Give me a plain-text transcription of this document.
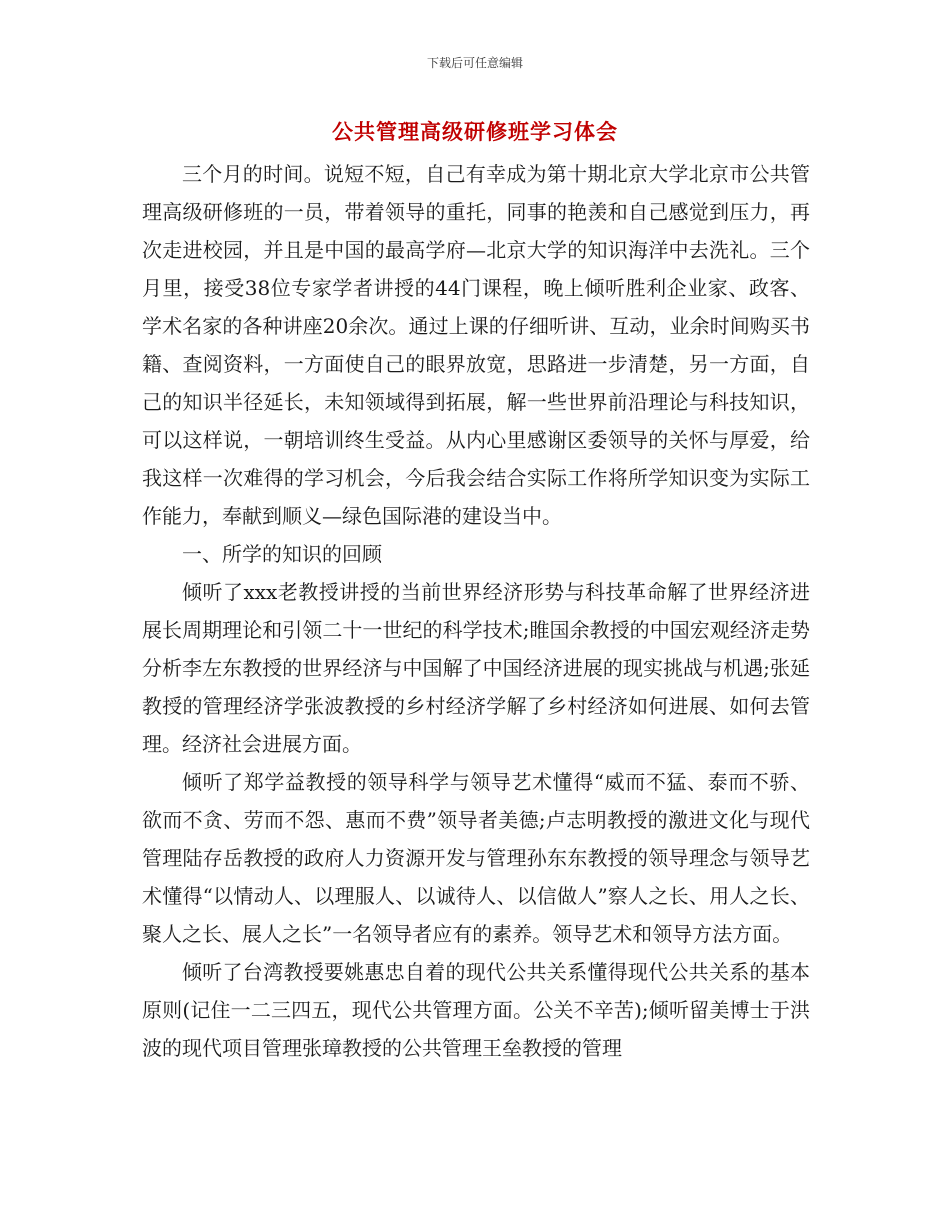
下载后可任意编辑
公共管理高级研修班学习体会

三个月的时间。说短不短，自己有幸成为第十期北京大学北京市公共管理高级研修班的一员，带着领导的重托，同事的艳羡和自己感觉到压力，再次走进校园，并且是中国的最高学府—北京大学的知识海洋中去洗礼。三个月里，接受38位专家学者讲授的44门课程，晚上倾听胜利企业家、政客、学术名家的各种讲座20余次。通过上课的仔细听讲、互动，业余时间购买书籍、查阅资料，一方面使自己的眼界放宽，思路进一步清楚，另一方面，自己的知识半径延长，未知领域得到拓展，解一些世界前沿理论与科技知识，可以这样说，一朝培训终生受益。从内心里感谢区委领导的关怀与厚爱，给我这样一次难得的学习机会，今后我会结合实际工作将所学知识变为实际工作能力，奉献到顺义—绿色国际港的建设当中。

一、所学的知识的回顾

倾听了xxx老教授讲授的当前世界经济形势与科技革命解了世界经济进展长周期理论和引领二十一世纪的科学技术;睢国余教授的中国宏观经济走势分析李左东教授的世界经济与中国解了中国经济进展的现实挑战与机遇;张延教授的管理经济学张波教授的乡村经济学解了乡村经济如何进展、如何去管理。经济社会进展方面。

倾听了郑学益教授的领导科学与领导艺术懂得“威而不猛、泰而不骄、欲而不贪、劳而不怨、惠而不费”领导者美德;卢志明教授的激进文化与现代管理陆存岳教授的政府人力资源开发与管理孙东东教授的领导理念与领导艺术懂得“以情动人、以理服人、以诚待人、以信做人”察人之长、用人之长、聚人之长、展人之长”一名领导者应有的素养。领导艺术和领导方法方面。

倾听了台湾教授要姚惠忠自着的现代公共关系懂得现代公共关系的基本原则(记住一二三四五，现代公共管理方面。公关不辛苦);倾听留美博士于洪波的现代项目管理张璋教授的公共管理王垒教授的管理
